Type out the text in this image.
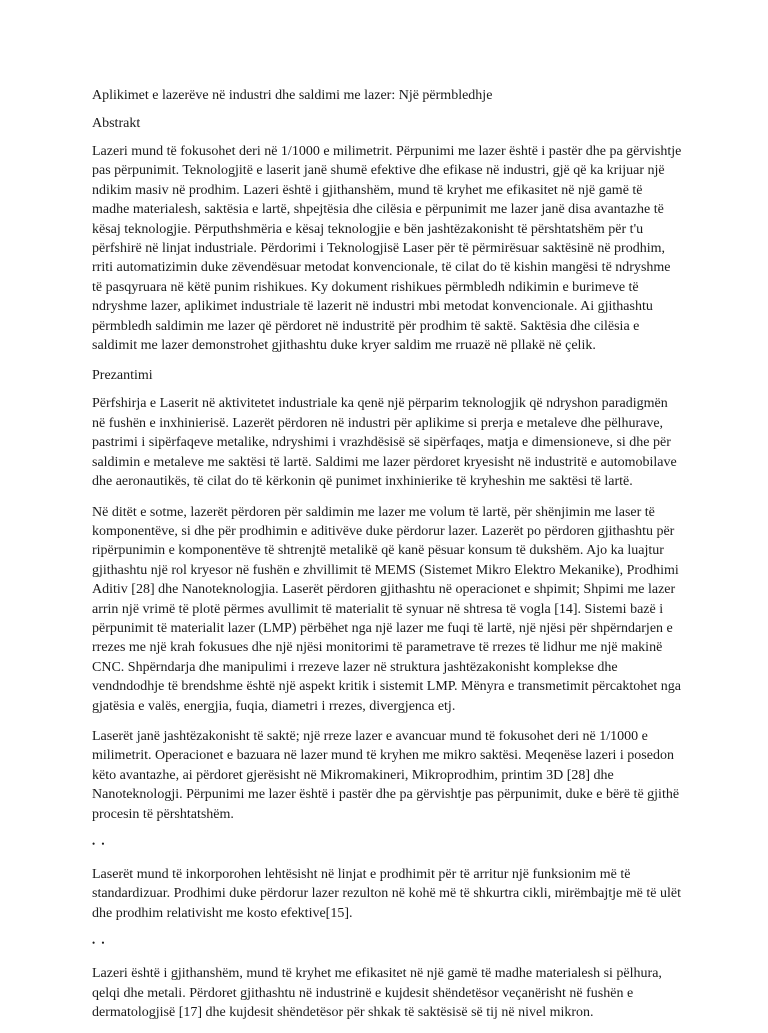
Aplikimet e lazerëve në industri dhe saldimi me lazer: Një përmbledhje

Abstrakt

Lazeri mund të fokusohet deri në 1/1000 e milimetrit. Përpunimi me lazer është i pastër dhe pa gërvishtje pas përpunimit. Teknologjitë e laserit janë shumë efektive dhe efikase në industri, gjë që ka krijuar një ndikim masiv në prodhim. Lazeri është i gjithanshëm, mund të kryhet me efikasitet në një gamë të madhe materialesh, saktësia e lartë, shpejtësia dhe cilësia e përpunimit me lazer janë disa avantazhe të kësaj teknologjie. Përputhshmëria e kësaj teknologjie e bën jashtëzakonisht të përshtatshëm për t'u përfshirë në linjat industriale. Përdorimi i Teknologjisë Laser për të përmirësuar saktësinë në prodhim, rriti automatizimin duke zëvendësuar metodat konvencionale, të cilat do të kishin mangësi të ndryshme të pasqyruara në këtë punim rishikues. Ky dokument rishikues përmbledh ndikimin e burimeve të ndryshme lazer, aplikimet industriale të lazerit në industri mbi metodat konvencionale. Ai gjithashtu përmbledh saldimin me lazer që përdoret në industritë për prodhim të saktë. Saktësia dhe cilësia e saldimit me lazer demonstrohet gjithashtu duke kryer saldim me rruazë në pllakë në çelik.

Prezantimi

Përfshirja e Laserit në aktivitetet industriale ka qenë një përparim teknologjik që ndryshon paradigmën në fushën e inxhinierisë. Lazerët përdoren në industri për aplikime si prerja e metaleve dhe pëlhurave, pastrimi i sipërfaqeve metalike, ndryshimi i vrazhdësisë së sipërfaqes, matja e dimensioneve, si dhe për saldimin e metaleve me saktësi të lartë. Saldimi me lazer përdoret kryesisht në industritë e automobilave dhe aeronautikës, të cilat do të kërkonin që punimet inxhinierike të kryheshin me saktësi të lartë.

Në ditët e sotme, lazerët përdoren për saldimin me lazer me volum të lartë, për shënjimin me laser të komponentëve, si dhe për prodhimin e aditivëve duke përdorur lazer. Lazerët po përdoren gjithashtu për ripërpunimin e komponentëve të shtrenjtë metalikë që kanë pësuar konsum të dukshëm. Ajo ka luajtur gjithashtu një rol kryesor në fushën e zhvillimit të MEMS (Sistemet Mikro Elektro Mekanike), Prodhimi Aditiv [28] dhe Nanoteknologjia. Laserët përdoren gjithashtu në operacionet e shpimit; Shpimi me lazer arrin një vrimë të plotë përmes avullimit të materialit të synuar në shtresa të vogla [14]. Sistemi bazë i përpunimit të materialit lazer (LMP) përbëhet nga një lazer me fuqi të lartë, një njësi për shpërndarjen e rrezes me një krah fokusues dhe një njësi monitorimi të parametrave të rrezes të lidhur me një makinë CNC. Shpërndarja dhe manipulimi i rrezeve lazer në struktura jashtëzakonisht komplekse dhe vendndodhje të brendshme është një aspekt kritik i sistemit LMP. Mënyra e transmetimit përcaktohet nga gjatësia e valës, energjia, fuqia, diametri i rrezes, divergjenca etj.

Laserët janë jashtëzakonisht të saktë; një rreze lazer e avancuar mund të fokusohet deri në 1/1000 e milimetrit. Operacionet e bazuara në lazer mund të kryhen me mikro saktësi. Meqenëse lazeri i posedon këto avantazhe, ai përdoret gjerësisht në Mikromakineri, Mikroprodhim, printim 3D [28] dhe Nanoteknologji. Përpunimi me lazer është i pastër dhe pa gërvishtje pas përpunimit, duke e bërë të gjithë procesin të përshtatshëm.

• •

Laserët mund të inkorporohen lehtësisht në linjat e prodhimit për të arritur një funksionim më të standardizuar. Prodhimi duke përdorur lazer rezulton në kohë më të shkurtra cikli, mirëmbajtje më të ulët dhe prodhim relativisht me kosto efektive[15].

• •

Lazeri është i gjithanshëm, mund të kryhet me efikasitet në një gamë të madhe materialesh si pëlhura, qelqi dhe metali. Përdoret gjithashtu në industrinë e kujdesit shëndetësor veçanërisht në fushën e dermatologjisë [17] dhe kujdesit shëndetësor për shkak të saktësisë së tij në nivel mikron.
